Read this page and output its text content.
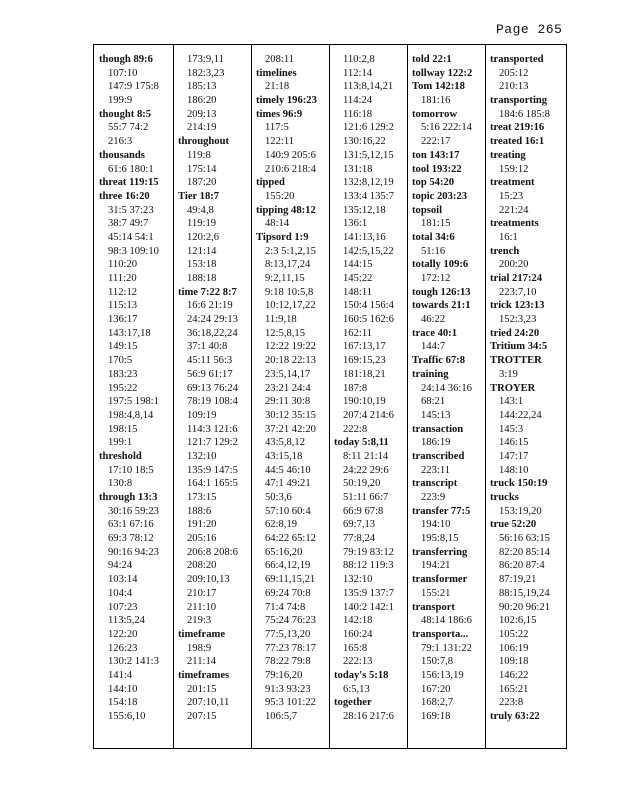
Page 265
though 89:6
107:10
147:9 175:8
199:9
thought 8:5
55:7 74:2
216:3
thousands
61:6 180:1
threat 119:15
three 16:20
31:5 37:23
38:7 49:7
45:14 54:1
98:3 109:10
110:20
111:20
112:12
115:13
136:17
143:17,18
149:15
170:5
183:23
195:22
197:5 198:1
198:4,8,14
198:15
199:1
threshold
17:10 18:5
130:8
through 13:3
30:16 59:23
63:1 67:16
69:3 78:12
90:16 94:23
94:24
103:14
104:4
107:23
113:5,24
122:20
126:23
130:2 141:3
141:4
144:10
154:18
155:6,10
173:9,11
182:3,23
185:13
186:20
209:13
214:19
throughout
119:8
175:14
187:20
Tier 18:7
49:4,8
119:19
120:2,6
121:14
153:18
188:18
time 7:22 8:7
16:6 21:19
24:24 29:13
36:18,22,24
37:1 40:8
45:11 56:3
56:9 61:17
69:13 76:24
78:19 108:4
109:19
114:3 121:6
121:7 129:2
132:10
135:9 147:5
164:1 165:5
173:15
188:6
191:20
205:16
206:8 208:6
208:20
209:10,13
210:17
211:10
219:3
timeframe
198:9
211:14
timeframes
201:15
207:10,11
207:15
208:11
timelines
21:18
timely 196:23
times 96:9
117:5
122:11
140:9 205:6
210:6 218:4
tipped
155:20
tipping 48:12
48:14
Tipsord 1:9
2:3 5:1,2,15
8:13,17,24
9:2,11,15
9:18 10:5,8
10:12,17,22
11:9,18
12:5,8,15
12:22 19:22
20:18 22:13
23:5,14,17
23:21 24:4
29:11 30:8
30:12 35:15
37:21 42:20
43:5,8,12
43:15,18
44:5 46:10
47:1 49:21
50:3,6
57:10 60:4
62:8,19
64:22 65:12
65:16,20
66:4,12,19
69:11,15,21
69:24 70:8
71:4 74:8
75:24 76:23
77:5,13,20
77:23 78:17
78:22 79:8
79:16,20
91:3 93:23
95:3 101:22
106:5,7
110:2,8
112:14
113:8,14,21
114:24
116:18
121:6 129:2
130:16,22
131:5,12,15
131:18
132:8,12,19
133:4 135:7
135:12,18
136:1
141:13,16
142:5,15,22
144:15
145:22
148:11
150:4 156:4
160:5 162:6
162:11
167:13,17
169:15,23
181:18,21
187:8
190:10,19
207:4 214:6
222:8
today 5:8,11
8:11 21:14
24:22 29:6
50:19,20
51:11 66:7
66:9 67:8
69:7,13
77:8,24
79:19 83:12
88:12 119:3
132:10
135:9 137:7
140:2 142:1
142:18
160:24
165:8
222:13
today's 5:18
6:5,13
together
28:16 217:6
told 22:1
tollway 122:2
Tom 142:18
181:16
tomorrow
5:16 222:14
222:17
ton 143:17
tool 193:22
top 54:20
topic 203:23
topsoil
181:15
total 34:6
51:16
totally 109:6
172:12
tough 126:13
towards 21:1
46:22
trace 40:1
144:7
Traffic 67:8
training
24:14 36:16
68:21
145:13
transaction
186:19
transcribed
223:11
transcript
223:9
transfer 77:5
194:10
195:8,15
transferring
194:21
transformer
155:21
transport
48:14 186:6
transporta...
79:1 131:22
150:7,8
156:13,19
167:20
168:2,7
169:18
transported
205:12
210:13
transporting
184:6 185:8
treat 219:16
treated 16:1
treating
159:12
treatment
15:23
221:24
treatments
16:1
trench
200:20
trial 217:24
223:7,10
trick 123:13
152:3,23
tried 24:20
Tritium 34:5
TROTTER
3:19
TROYER
143:1
144:22,24
145:3
146:15
147:17
148:10
truck 150:19
trucks
153:19,20
true 52:20
56:16 63:15
82:20 85:14
86:20 87:4
87:19,21
88:15,19,24
90:20 96:21
102:6,15
105:22
106:19
109:18
146:22
165:21
223:8
truly 63:22
